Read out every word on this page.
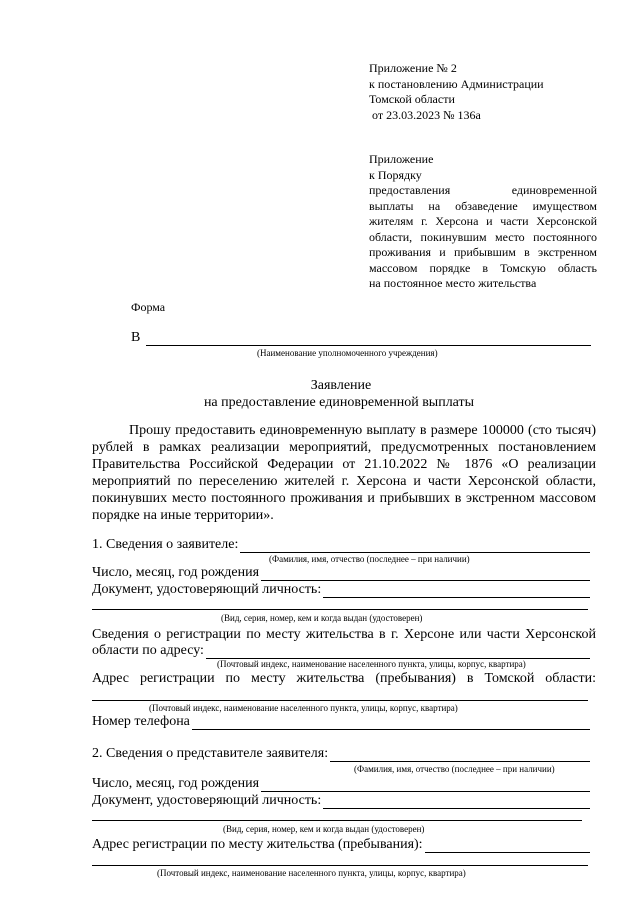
Приложение № 2
к постановлению Администрации
Томской области
от 23.03.2023 № 136а
Приложение
к Порядку
предоставления единовременной
выплаты на обзаведение имуществом
жителям г. Херсона и части Херсонской
области, покинувшим место постоянного
проживания и прибывшим в экстренном
массовом порядке в Томскую область
на постоянное место жительства
Форма
В
(Наименование уполномоченного учреждения)
Заявление
на предоставление единовременной выплаты
Прошу предоставить единовременную выплату в размере 100000 (сто тысяч)
рублей в рамках реализации мероприятий, предусмотренных постановлением
Правительства Российской Федерации от 21.10.2022 № 1876 «О реализации
мероприятий по переселению жителей г. Херсона и части Херсонской области,
покинувших место постоянного проживания и прибывших в экстренном массовом
порядке на иные территории».
1. Сведения о заявителе:
(Фамилия, имя, отчество (последнее – при наличии)
Число, месяц, год рождения
Документ, удостоверяющий личность:
(Вид, серия, номер, кем и когда выдан (удостоверен)
Сведения о регистрации по месту жительства в г. Херсоне или части Херсонской
области по адресу:
(Почтовый индекс, наименование населенного пункта, улицы, корпус, квартира)
Адрес регистрации по месту жительства (пребывания) в Томской области:
(Почтовый индекс, наименование населенного пункта, улицы, корпус, квартира)
Номер телефона
2. Сведения о представителе заявителя:
(Фамилия, имя, отчество (последнее – при наличии)
Число, месяц, год рождения
Документ, удостоверяющий личность:
(Вид, серия, номер, кем и когда выдан (удостоверен)
Адрес регистрации по месту жительства (пребывания):
(Почтовый индекс, наименование населенного пункта, улицы, корпус, квартира)
